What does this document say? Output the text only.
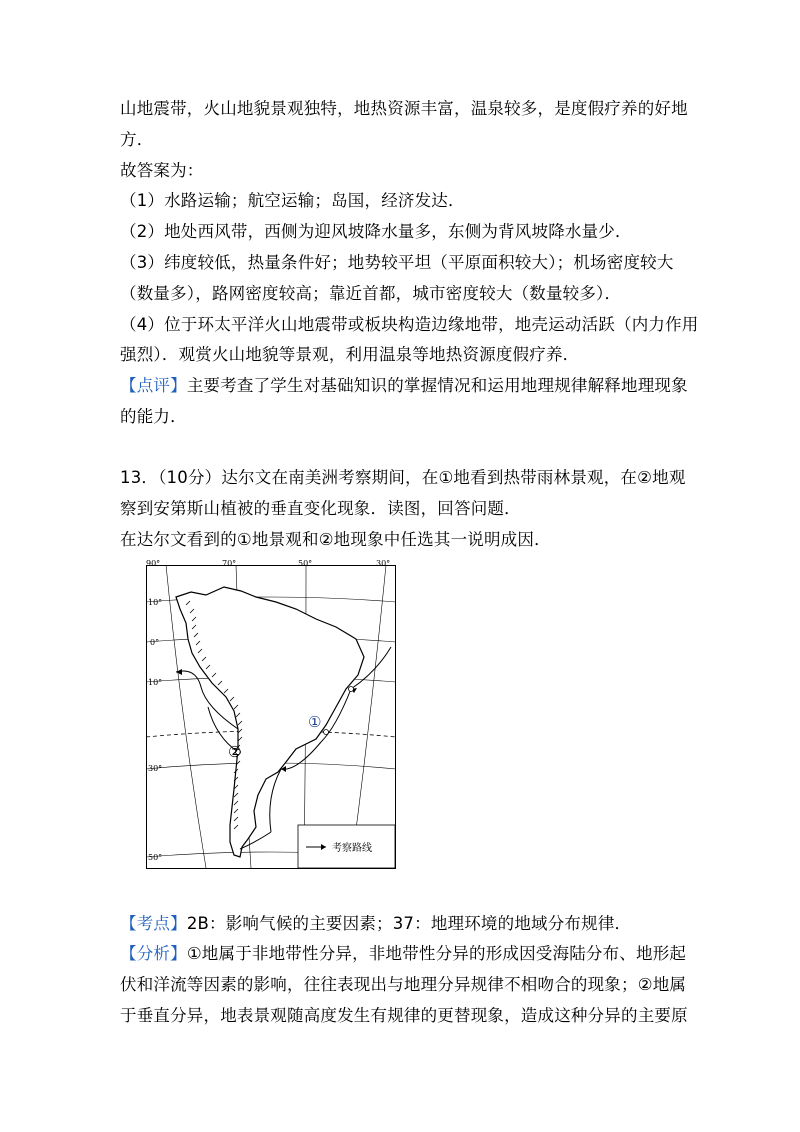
山地震带，火山地貌景观独特，地热资源丰富，温泉较多，是度假疗养的好地
方．
故答案为：
（1）水路运输；航空运输；岛国，经济发达．
（2）地处西风带，西侧为迎风坡降水量多，东侧为背风坡降水量少．
（3）纬度较低，热量条件好；地势较平坦（平原面积较大）；机场密度较大
（数量多），路网密度较高；靠近首都，城市密度较大（数量较多）．
（4）位于环太平洋火山地震带或板块构造边缘地带，地壳运动活跃（内力作用
强烈）．观赏火山地貌等景观，利用温泉等地热资源度假疗养．
【点评】主要考查了学生对基础知识的掌握情况和运用地理规律解释地理现象
的能力．
13．（10分）达尔文在南美洲考察期间，在①地看到热带雨林景观，在②地观
察到安第斯山植被的垂直变化现象．读图，回答问题．
在达尔文看到的①地景观和②地现象中任选其一说明成因．
①
②
90°	70°	50°	30°
10°
0°
10°
30°
50°
考察路线
【考点】2B：影响气候的主要因素；37：地理环境的地域分布规律．
【分析】①地属于非地带性分异，非地带性分异的形成因受海陆分布、地形起
伏和洋流等因素的影响，往往表现出与地理分异规律不相吻合的现象；②地属
于垂直分异，地表景观随高度发生有规律的更替现象，造成这种分异的主要原
